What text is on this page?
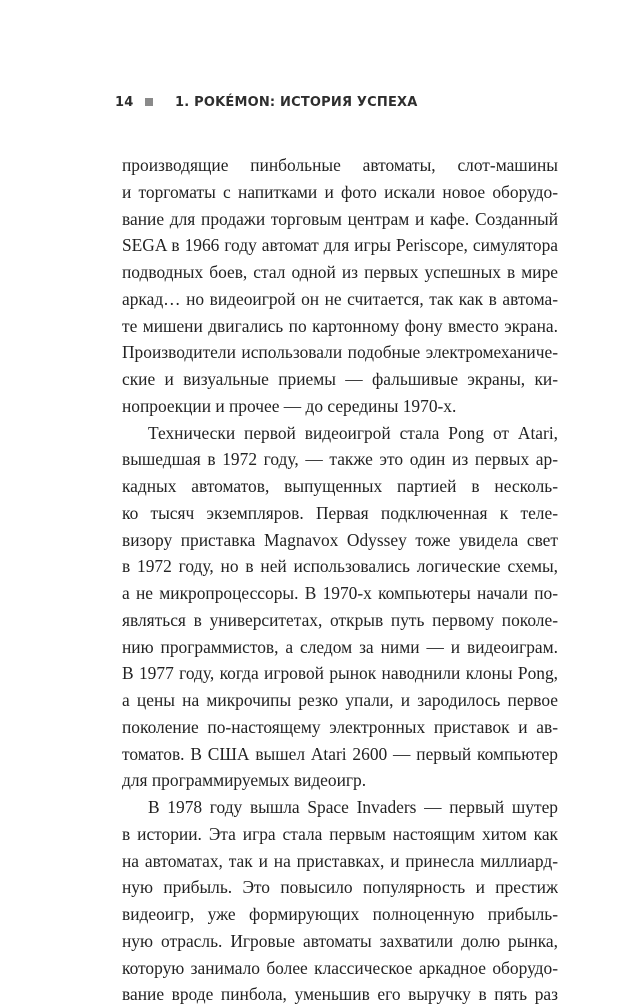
14	1. POKÉMON: ИСТОРИЯ УСПЕХА
производящие пинбольные автоматы, слот-машины
и торгоматы с напитками и фото искали новое оборудо-
вание для продажи торговым центрам и кафе. Созданный
SEGA в 1966 году автомат для игры Periscope, симулятора
подводных боев, стал одной из первых успешных в мире
аркад… но видеоигрой он не считается, так как в автома-
те мишени двигались по картонному фону вместо экрана.
Производители использовали подобные электромеханиче-
ские и визуальные приемы — фальшивые экраны, ки-
нопроекции и прочее — до середины 1970-х.
Технически первой видеоигрой стала Pong от Atari,
вышедшая в 1972 году, — также это один из первых ар-
кадных автоматов, выпущенных партией в несколь-
ко тысяч экземпляров. Первая подключенная к теле-
визору приставка Magnavox Odyssey тоже увидела свет
в 1972 году, но в ней использовались логические схемы,
а не микропроцессоры. В 1970-х компьютеры начали по-
являться в университетах, открыв путь первому поколе-
нию программистов, а следом за ними — и видеоиграм.
В 1977 году, когда игровой рынок наводнили клоны Pong,
а цены на микрочипы резко упали, и зародилось первое
поколение по-настоящему электронных приставок и ав-
томатов. В США вышел Atari 2600 — первый компьютер
для программируемых видеоигр.
В 1978 году вышла Space Invaders — первый шутер
в истории. Эта игра стала первым настоящим хитом как
на автоматах, так и на приставках, и принесла миллиард-
ную прибыль. Это повысило популярность и престиж
видеоигр, уже формирующих полноценную прибыль-
ную отрасль. Игровые автоматы захватили долю рынка,
которую занимало более классическое аркадное оборудо-
вание вроде пинбола, уменьшив его выручку в пять раз
